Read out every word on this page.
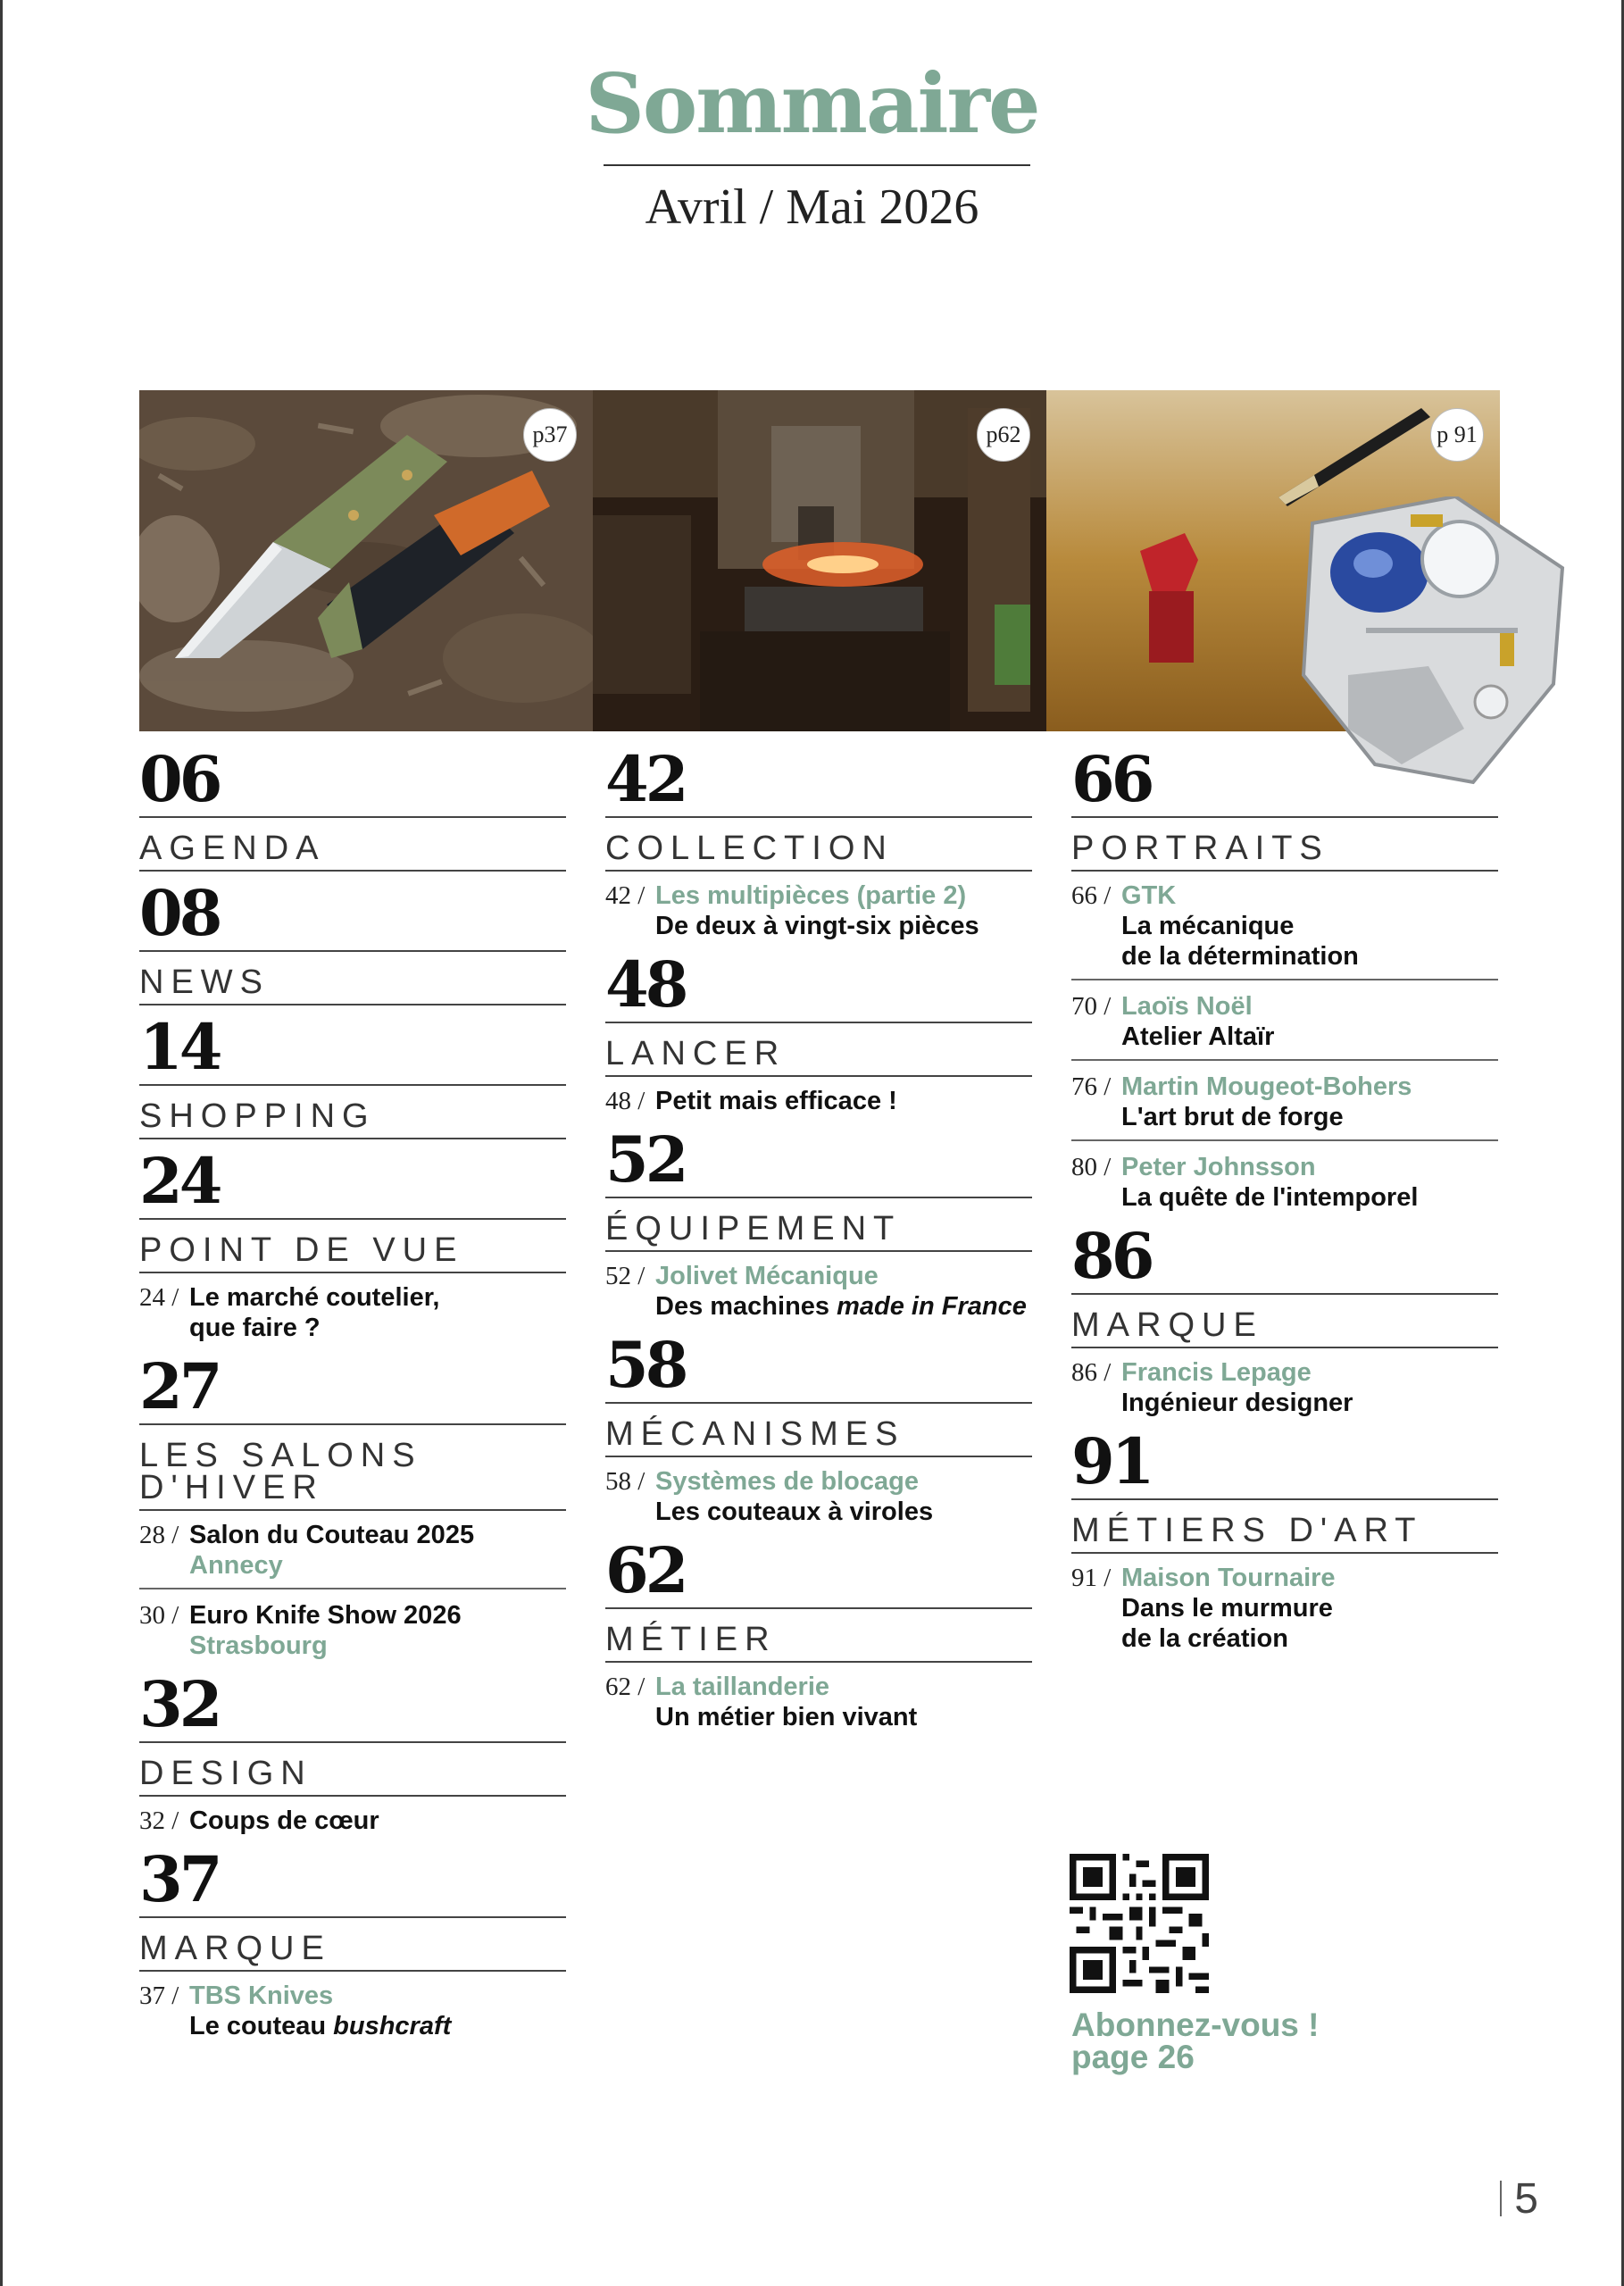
Sommaire
Avril / Mai 2026
p37	p62	p 91
06
AGENDA
08
NEWS
14
SHOPPING
24
POINT DE VUE
24 / Le marché coutelier,
que faire ?
27
LES SALONS
D'HIVER
28 / Salon du Couteau 2025
Annecy
30 / Euro Knife Show 2026
Strasbourg
32
DESIGN
32 / Coups de cœur
37
MARQUE
37 / TBS Knives
Le couteau bushcraft
42
COLLECTION
42 / Les multipièces (partie 2)
De deux à vingt-six pièces
48
LANCER
48 / Petit mais efficace !
52
ÉQUIPEMENT
52 / Jolivet Mécanique
Des machines made in France
58
MÉCANISMES
58 / Systèmes de blocage
Les couteaux à viroles
62
MÉTIER
62 / La taillanderie
Un métier bien vivant
66
PORTRAITS
66 / GTK
La mécanique
de la détermination
70 / Laoïs Noël
Atelier Altaïr
76 / Martin Mougeot-Bohers
L'art brut de forge
80 / Peter Johnsson
La quête de l'intemporel
86
MARQUE
86 / Francis Lepage
Ingénieur designer
91
MÉTIERS D'ART
91 / Maison Tournaire
Dans le murmure
de la création
Abonnez-vous !
page 26
5
